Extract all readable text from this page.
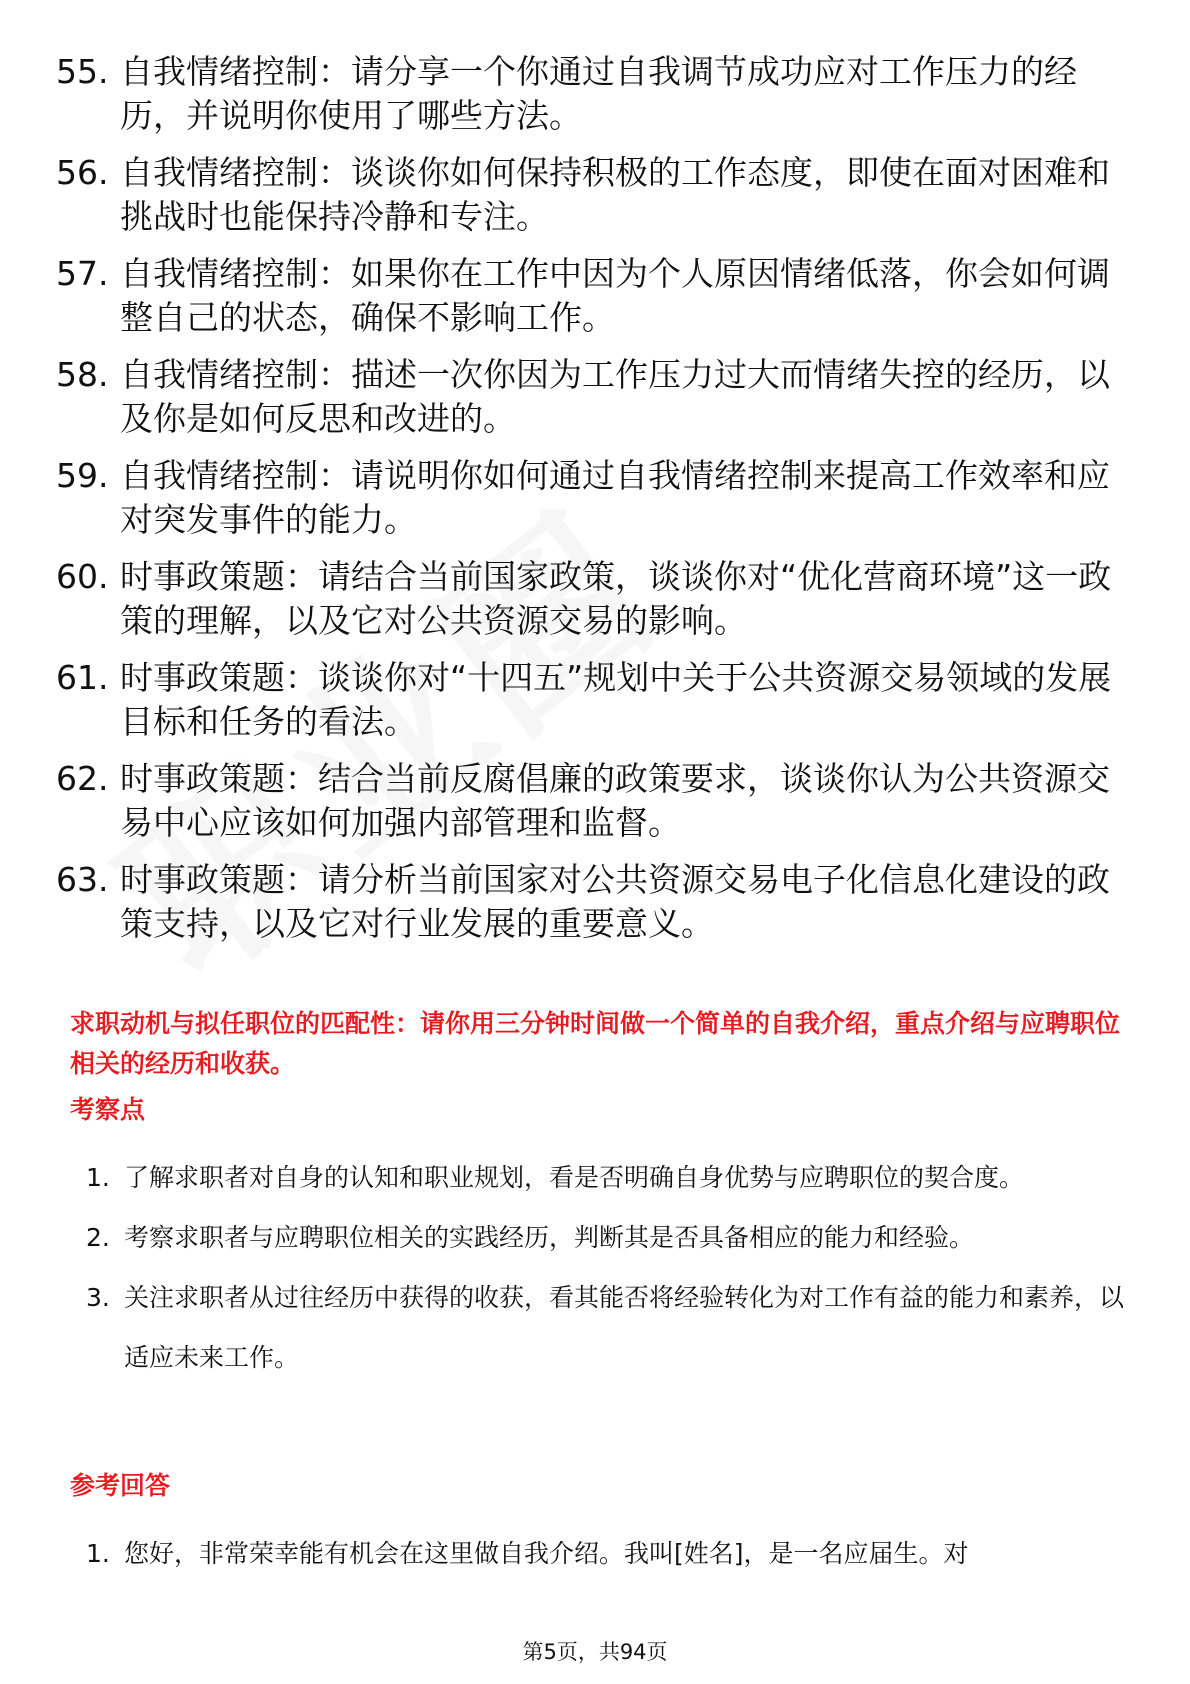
55. 自我情绪控制：请分享一个你通过自我调节成功应对工作压力的经历，并说明你使用了哪些方法。
56. 自我情绪控制：谈谈你如何保持积极的工作态度，即使在面对困难和挑战时也能保持冷静和专注。
57. 自我情绪控制：如果你在工作中因为个人原因情绪低落，你会如何调整自己的状态，确保不影响工作。
58. 自我情绪控制：描述一次你因为工作压力过大而情绪失控的经历，以及你是如何反思和改进的。
59. 自我情绪控制：请说明你如何通过自我情绪控制来提高工作效率和应对突发事件的能力。
60. 时事政策题：请结合当前国家政策，谈谈你对“优化营商环境”这一政策的理解，以及它对公共资源交易的影响。
61. 时事政策题：谈谈你对“十四五”规划中关于公共资源交易领域的发展目标和任务的看法。
62. 时事政策题：结合当前反腐倡廉的政策要求，谈谈你认为公共资源交易中心应该如何加强内部管理和监督。
63. 时事政策题：请分析当前国家对公共资源交易电子化信息化建设的政策支持，以及它对行业发展的重要意义。
求职动机与拟任职位的匹配性：请你用三分钟时间做一个简单的自我介绍，重点介绍与应聘职位相关的经历和收获。
考察点
1. 了解求职者对自身的认知和职业规划，看是否明确自身优势与应聘职位的契合度。
2. 考察求职者与应聘职位相关的实践经历，判断其是否具备相应的能力和经验。
3. 关注求职者从过往经历中获得的收获，看其能否将经验转化为对工作有益的能力和素养，以适应未来工作。
参考回答
1. 您好，非常荣幸能有机会在这里做自我介绍。我叫[姓名]，是一名应届生。对
第5页，共94页
